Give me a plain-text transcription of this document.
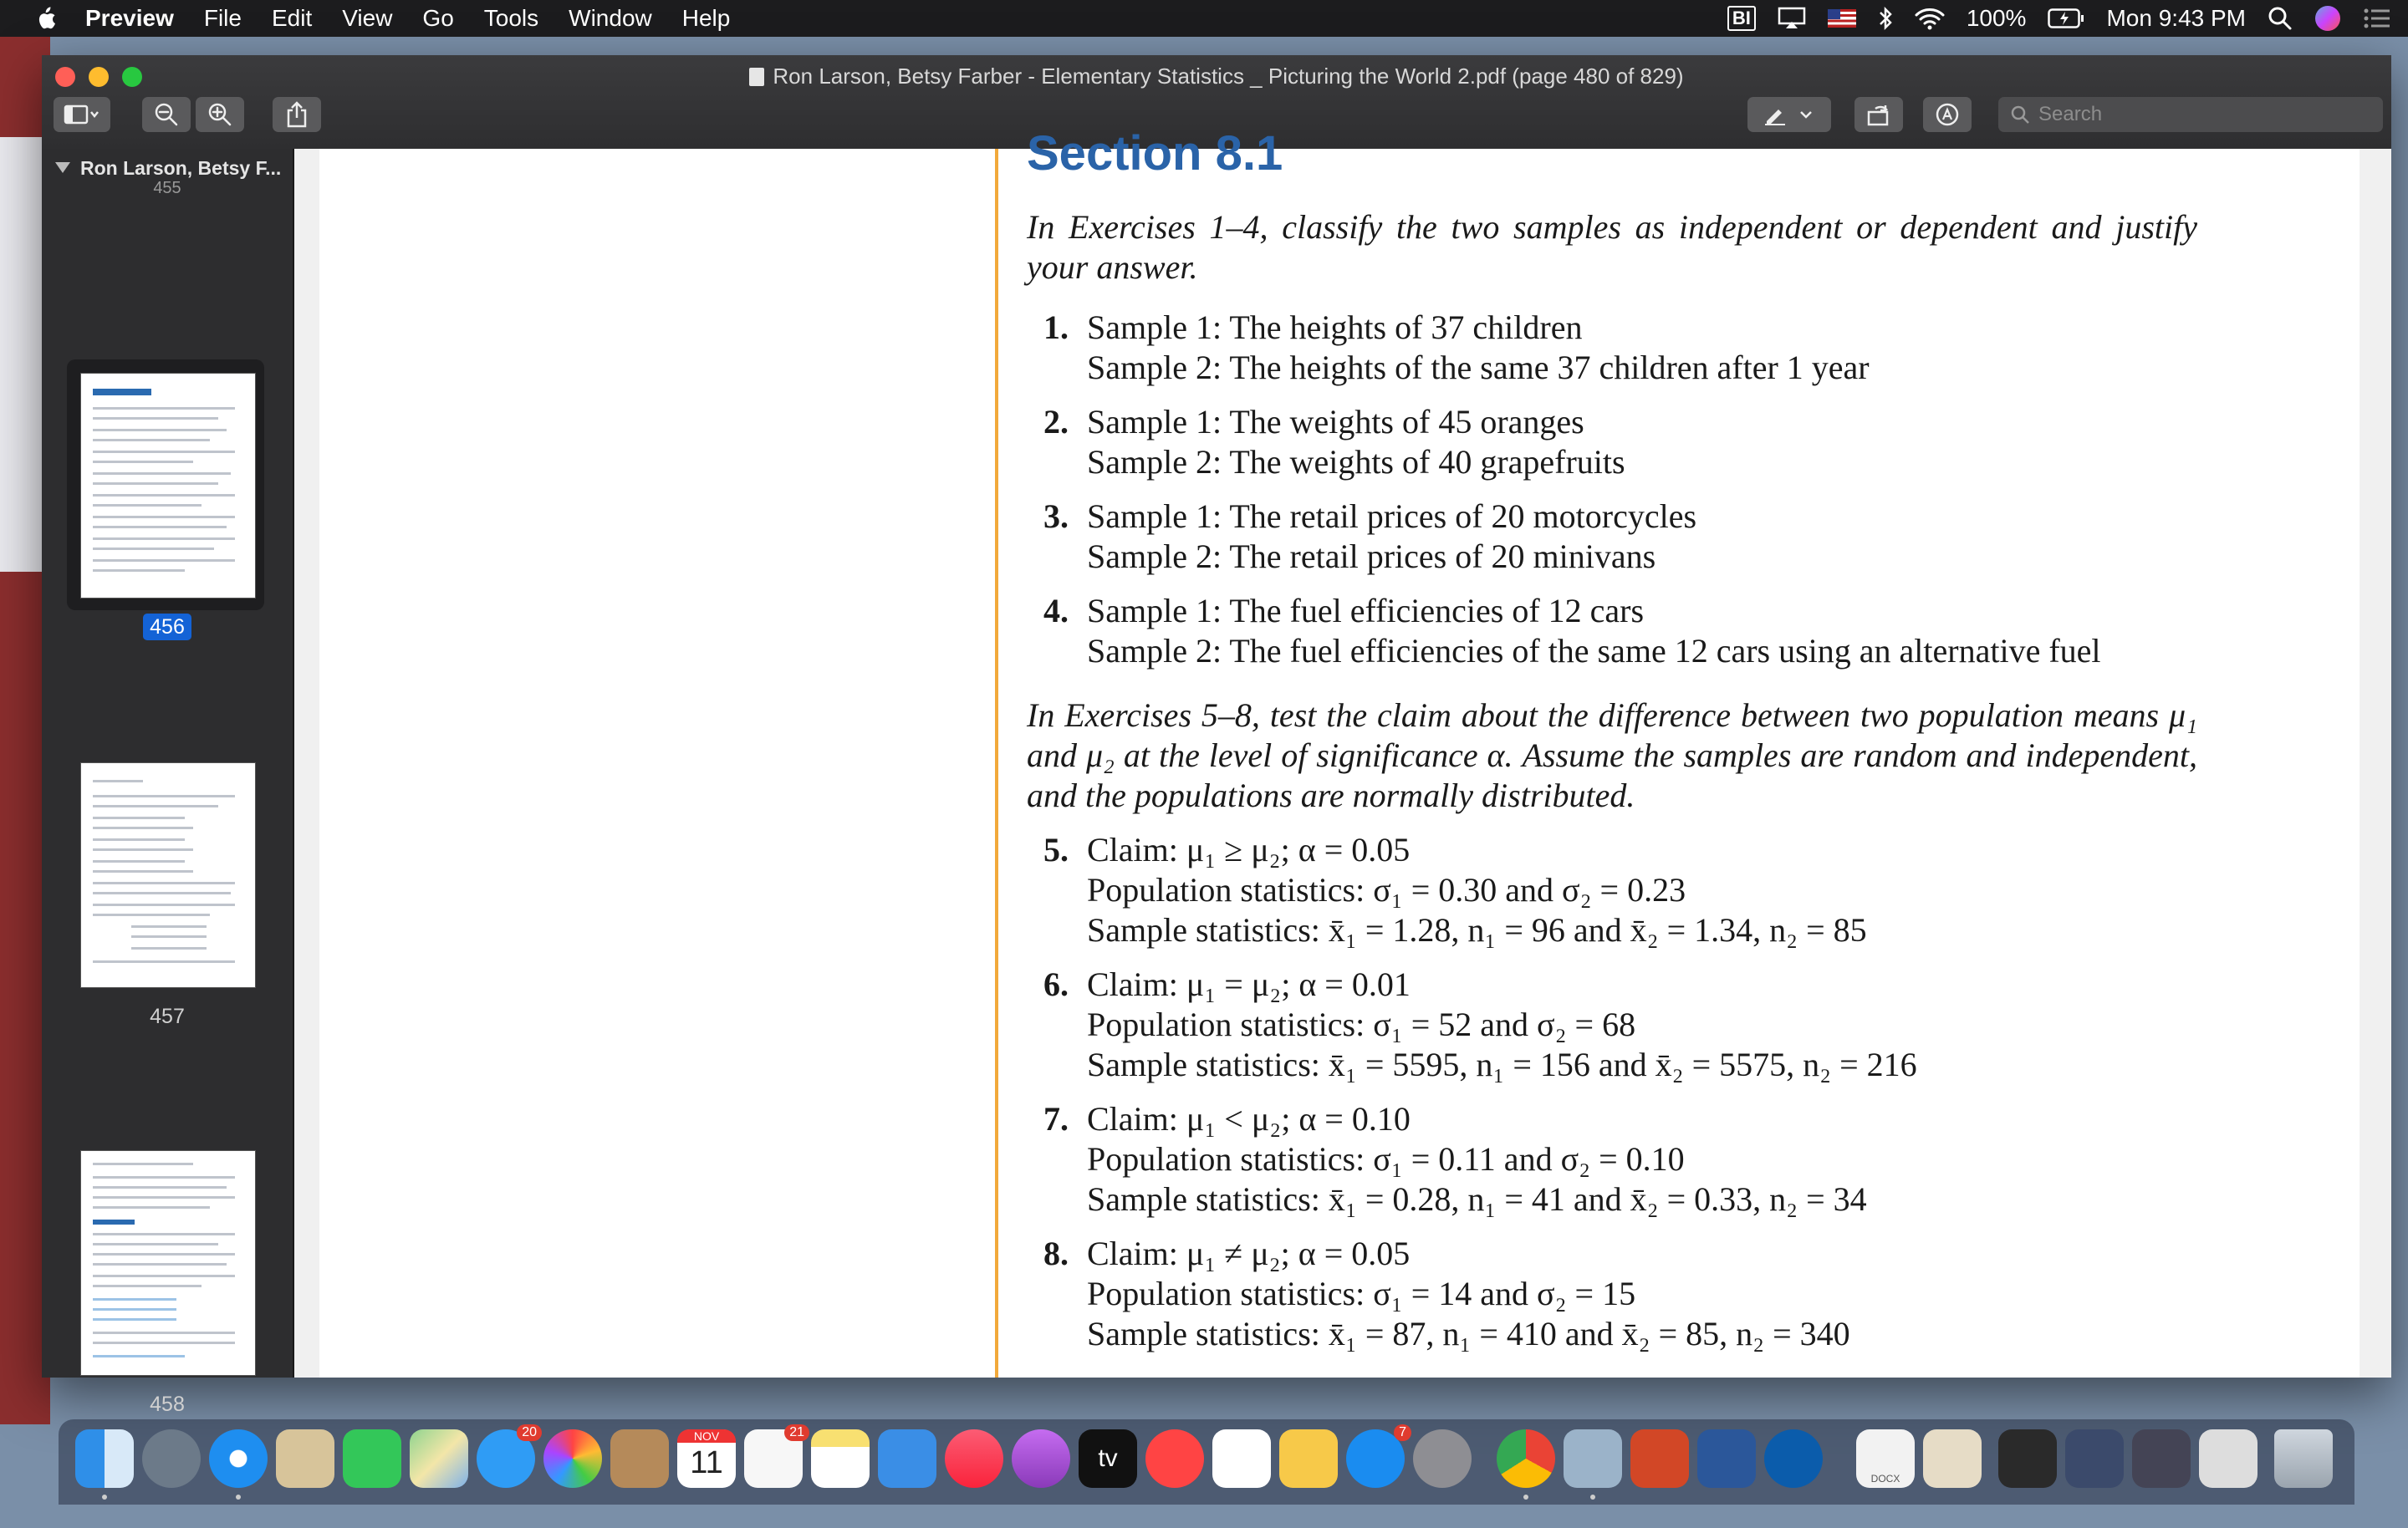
Preview File Edit View Go Tools Window Help	BI	100%	Mon 9:43 PM
Ron Larson, Betsy Farber - Elementary Statistics _ Picturing the World 2.pdf (page 480 of 829)
Search
Ron Larson, Betsy F...
455
456
457
458
Section 8.1
In Exercises 1–4, classify the two samples as independent or dependent and justify your answer.
1. Sample 1: The heights of 37 children
Sample 2: The heights of the same 37 children after 1 year
2. Sample 1: The weights of 45 oranges
Sample 2: The weights of 40 grapefruits
3. Sample 1: The retail prices of 20 motorcycles
Sample 2: The retail prices of 20 minivans
4. Sample 1: The fuel efficiencies of 12 cars
Sample 2: The fuel efficiencies of the same 12 cars using an alternative fuel
In Exercises 5–8, test the claim about the difference between two population means μ₁ and μ₂ at the level of significance α. Assume the samples are random and independent, and the populations are normally distributed.
5. Claim: μ₁ ≥ μ₂; α = 0.05
Population statistics: σ₁ = 0.30 and σ₂ = 0.23
Sample statistics: x̄₁ = 1.28, n₁ = 96 and x̄₂ = 1.34, n₂ = 85
6. Claim: μ₁ = μ₂; α = 0.01
Population statistics: σ₁ = 52 and σ₂ = 68
Sample statistics: x̄₁ = 5595, n₁ = 156 and x̄₂ = 5575, n₂ = 216
7. Claim: μ₁ < μ₂; α = 0.10
Population statistics: σ₁ = 0.11 and σ₂ = 0.10
Sample statistics: x̄₁ = 0.28, n₁ = 41 and x̄₂ = 0.33, n₂ = 34
8. Claim: μ₁ ≠ μ₂; α = 0.05
Population statistics: σ₁ = 14 and σ₂ = 15
Sample statistics: x̄₁ = 87, n₁ = 410 and x̄₂ = 85, n₂ = 340
20	NOV
11
21
tv
7
DOCX
